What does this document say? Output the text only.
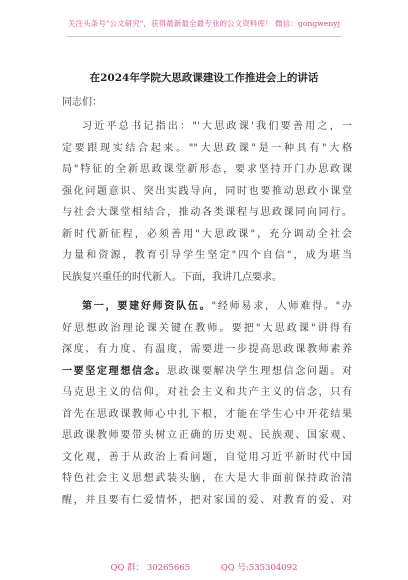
关注头条号"公文研究"，获得最新最全最专业的公文资料库！ 微信：gongwenyj
在2024年学院大思政课建设工作推进会上的讲话
同志们：
习近平总书记指出："'大思政课'我们要善用之，一
定要跟现实结合起来。""大思政课"是一种具有"大格
局"特征的全新思政课堂新形态，要求坚持开门办思政课
强化问题意识、突出实践导向，同时也要推动思政小课堂
与社会大课堂相结合，推动各类课程与思政课同向同行。
新时代新征程，必须善用"大思政课"，充分调动全社会
力量和资源，教育引导学生坚定"四个自信"，成为堪当
民族复兴重任的时代新人。下面，我讲几点要求。
第一，要建好师资队伍。"经师易求，人师难得。"办
好思想政治理论课关键在教师。要把"大思政课"讲得有
深度、有力度、有温度，需要进一步提高思政课教师素养
一要坚定理想信念。思政课要解决学生理想信念问题。对
马克思主义的信仰，对社会主义和共产主义的信念，只有
首先在思政课教师心中扎下根，才能在学生心中开花结果
思政课教师要带头树立正确的历史观、民族观、国家观、
文化观，善于从政治上看问题，自觉用习近平新时代中国
特色社会主义思想武装头脑，在大是大非面前保持政治清
醒，并且要有仁爱情怀，把对家国的爱、对教育的爱、对
QQ 群： 30265665	QQ 号:535304092
